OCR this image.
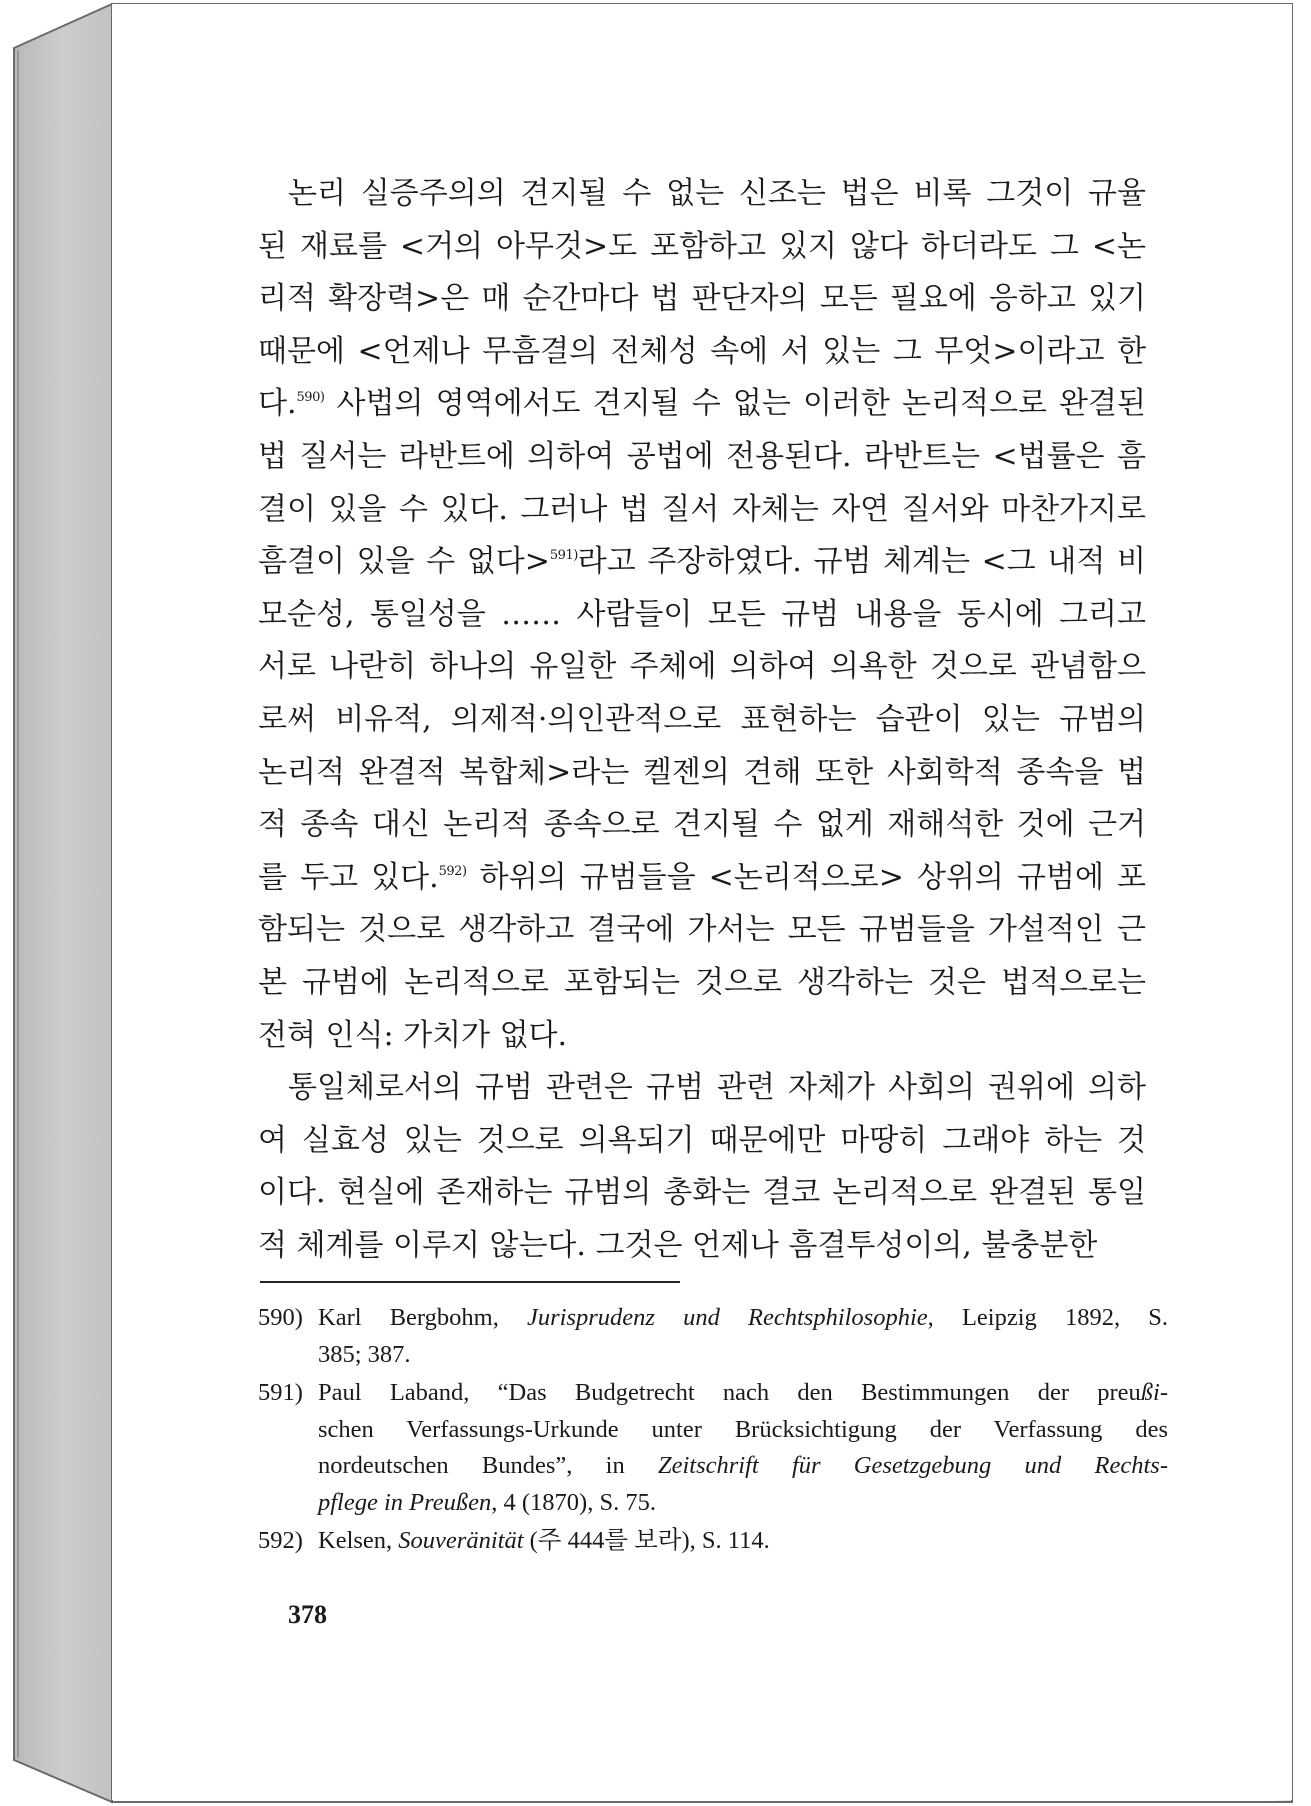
논리 실증주의의 견지될 수 없는 신조는 법은 비록 그것이 규율
된 재료를 <거의 아무것>도 포함하고 있지 않다 하더라도 그 <논
리적 확장력>은 매 순간마다 법 판단자의 모든 필요에 응하고 있기
때문에 <언제나 무흠결의 전체성 속에 서 있는 그 무엇>이라고 한
다.$^{590)}$ 사법의 영역에서도 견지될 수 없는 이러한 논리적으로 완결된
법 질서는 라반트에 의하여 공법에 전용된다. 라반트는 <법률은 흠
결이 있을 수 있다. 그러나 법 질서 자체는 자연 질서와 마찬가지로
흠결이 있을 수 없다>$^{591)}$라고 주장하였다. 규범 체계는 <그 내적 비
모순성, 통일성을 …… 사람들이 모든 규범 내용을 동시에 그리고
서로 나란히 하나의 유일한 주체에 의하여 의욕한 것으로 관념함으
로써 비유적, 의제적·의인관적으로 표현하는 습관이 있는 규범의
논리적 완결적 복합체>라는 켈젠의 견해 또한 사회학적 종속을 법
적 종속 대신 논리적 종속으로 견지될 수 없게 재해석한 것에 근거
를 두고 있다.$^{592)}$ 하위의 규범들을 <논리적으로> 상위의 규범에 포
함되는 것으로 생각하고 결국에 가서는 모든 규범들을 가설적인 근
본 규범에 논리적으로 포함되는 것으로 생각하는 것은 법적으로는
전혀 인식: 가치가 없다.

통일체로서의 규범 관련은 규범 관련 자체가 사회의 권위에 의하
여 실효성 있는 것으로 의욕되기 때문에만 마땅히 그래야 하는 것
이다. 현실에 존재하는 규범의 총화는 결코 논리적으로 완결된 통일
적 체계를 이루지 않는다. 그것은 언제나 흠결투성이의, 불충분한

590) Karl Bergbohm, Jurisprudenz und Rechtsphilosophie, Leipzig 1892, S.
385; 387.
591) Paul Laband, “Das Budgetrecht nach den Bestimmungen der preußi-
schen Verfassungs-Urkunde unter Brücksichtigung der Verfassung des
nordeutschen Bundes”, in Zeitschrift für Gesetzgebung und Rechts-
pflege in Preußen, 4 (1870), S. 75.
592) Kelsen, Souveränität (주 444를 보라), S. 114.
378
